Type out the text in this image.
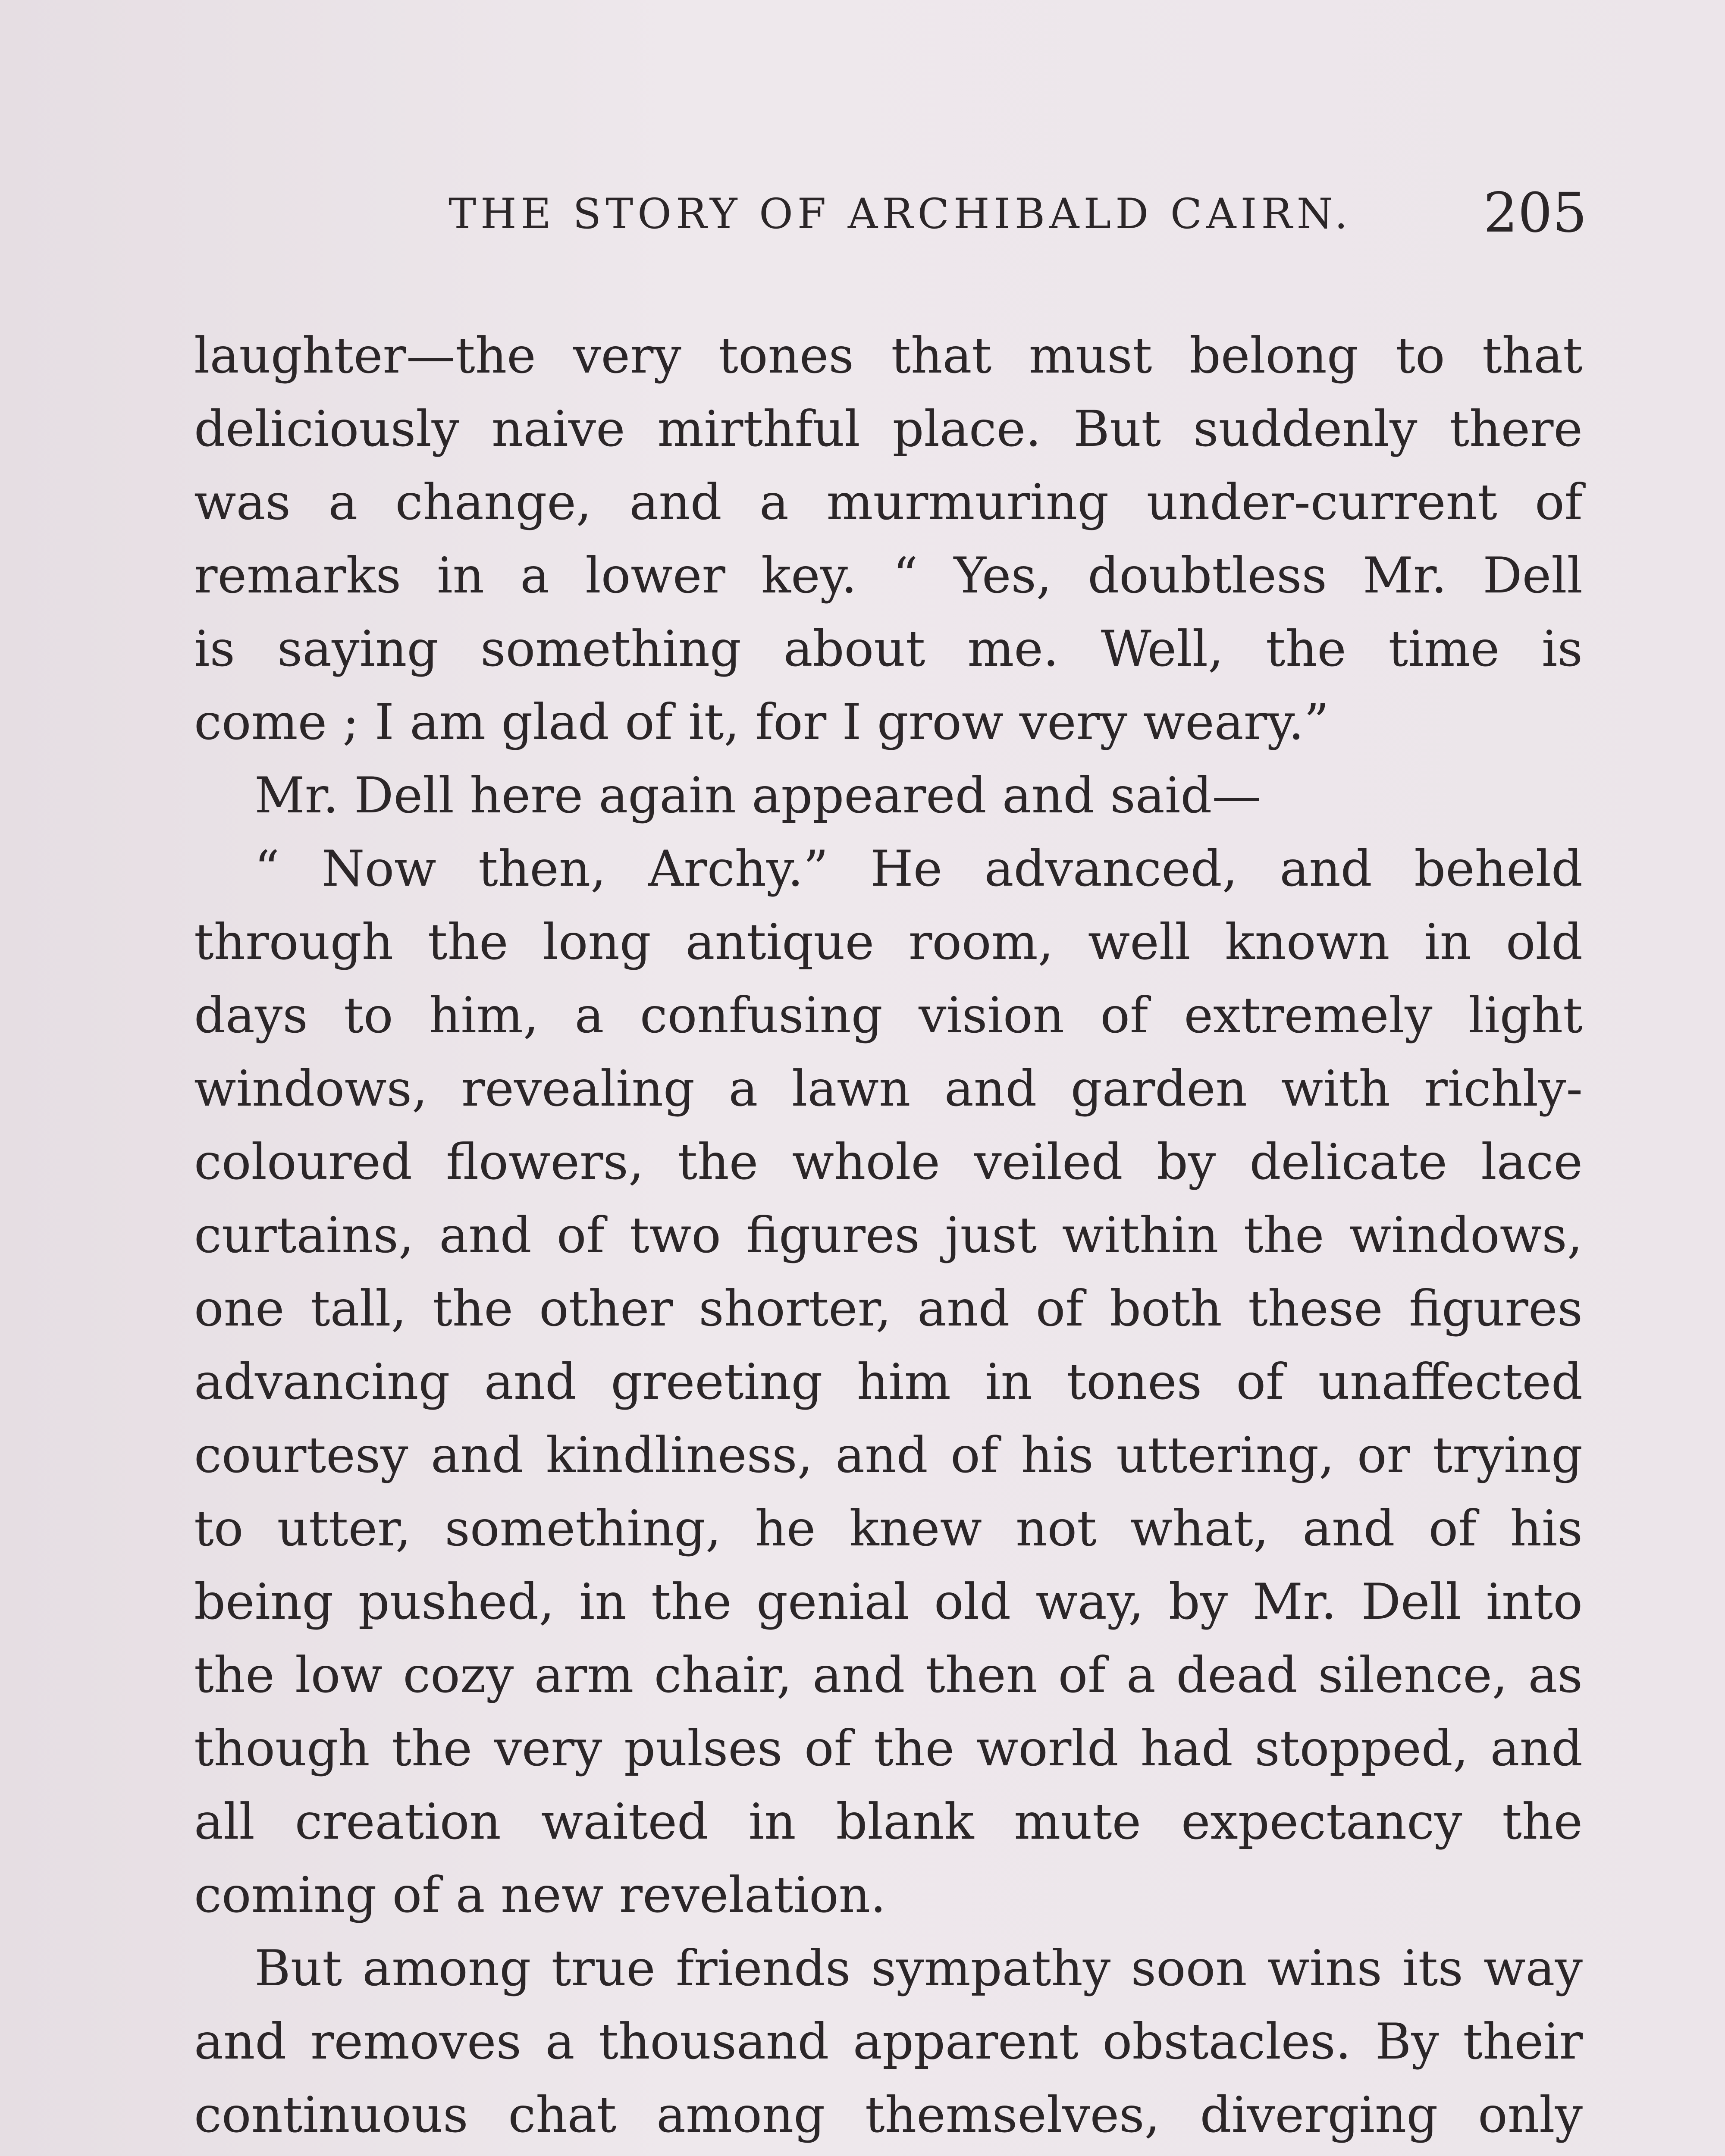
THE STORY OF ARCHIBALD CAIRN. 205
laughter—the very tones that must belong to that
deliciously naive mirthful place. But suddenly there
was a change, and a murmuring under-current of
remarks in a lower key. “ Yes, doubtless Mr. Dell
is saying something about me. Well, the time is
come ; I am glad of it, for I grow very weary.”
Mr. Dell here again appeared and said—
“ Now then, Archy.” He advanced, and beheld
through the long antique room, well known in old
days to him, a confusing vision of extremely light
windows, revealing a lawn and garden with richly-
coloured flowers, the whole veiled by delicate lace
curtains, and of two figures just within the windows,
one tall, the other shorter, and of both these figures
advancing and greeting him in tones of unaffected
courtesy and kindliness, and of his uttering, or trying
to utter, something, he knew not what, and of his
being pushed, in the genial old way, by Mr. Dell into
the low cozy arm chair, and then of a dead silence, as
though the very pulses of the world had stopped, and
all creation waited in blank mute expectancy the
coming of a new revelation.
But among true friends sympathy soon wins its way
and removes a thousand apparent obstacles. By their
continuous chat among themselves, diverging only
